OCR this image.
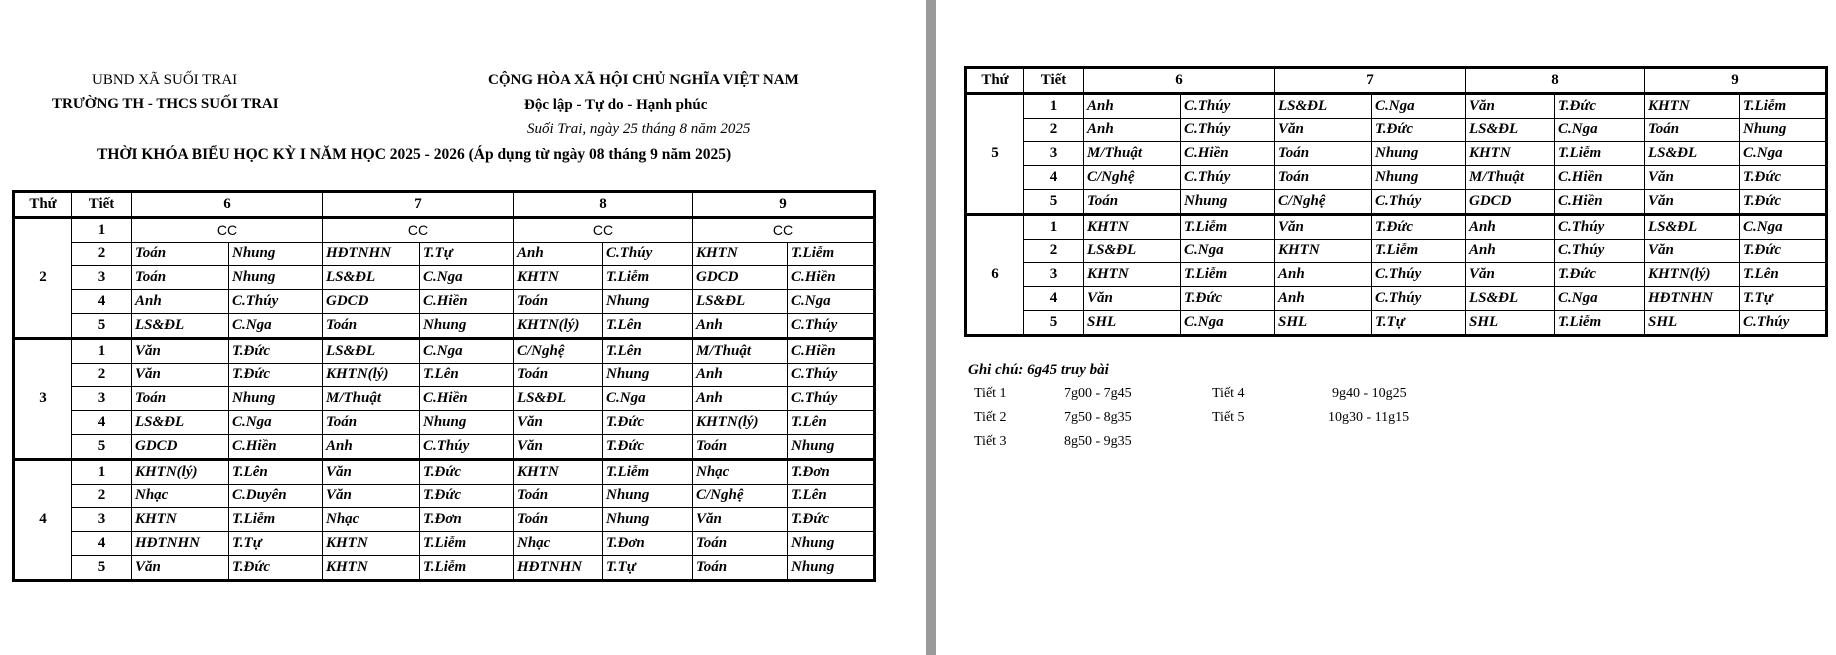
UBND XÃ SUỐI TRAI
TRƯỜNG TH - THCS SUỐI TRAI
CỘNG HÒA XÃ HỘI CHỦ NGHĨA VIỆT NAM
Độc lập - Tự do - Hạnh phúc
Suối Trai, ngày 25 tháng 8 năm 2025
THỜI KHÓA BIỂU HỌC KỲ I NĂM HỌC 2025 - 2026 (Áp dụng từ ngày 08 tháng 9 năm 2025)
Thứ	Tiết	6		7		8		9	
2	1	CC		CC		CC		CC	
	2	Toán	Nhung	HĐTNHN	T.Tự	Anh	C.Thúy	KHTN	T.Liễm
	3	Toán	Nhung	LS&ĐL	C.Nga	KHTN	T.Liễm	GDCD	C.Hiền
	4	Anh	C.Thúy	GDCD	C.Hiền	Toán	Nhung	LS&ĐL	C.Nga
	5	LS&ĐL	C.Nga	Toán	Nhung	KHTN(lý)	T.Lên	Anh	C.Thúy
3	1	Văn	T.Đức	LS&ĐL	C.Nga	C/Nghệ	T.Lên	M/Thuật	C.Hiền
	2	Văn	T.Đức	KHTN(lý)	T.Lên	Toán	Nhung	Anh	C.Thúy
	3	Toán	Nhung	M/Thuật	C.Hiền	LS&ĐL	C.Nga	Anh	C.Thúy
	4	LS&ĐL	C.Nga	Toán	Nhung	Văn	T.Đức	KHTN(lý)	T.Lên
	5	GDCD	C.Hiền	Anh	C.Thúy	Văn	T.Đức	Toán	Nhung
4	1	KHTN(lý)	T.Lên	Văn	T.Đức	KHTN	T.Liễm	Nhạc	T.Đơn
	2	Nhạc	C.Duyên	Văn	T.Đức	Toán	Nhung	C/Nghệ	T.Lên
	3	KHTN	T.Liễm	Nhạc	T.Đơn	Toán	Nhung	Văn	T.Đức
	4	HĐTNHN	T.Tự	KHTN	T.Liễm	Nhạc	T.Đơn	Toán	Nhung
	5	Văn	T.Đức	KHTN	T.Liễm	HĐTNHN	T.Tự	Toán	Nhung
Thứ	Tiết	6		7		8		9	
5	1	Anh	C.Thúy	LS&ĐL	C.Nga	Văn	T.Đức	KHTN	T.Liễm
	2	Anh	C.Thúy	Văn	T.Đức	LS&ĐL	C.Nga	Toán	Nhung
	3	M/Thuật	C.Hiền	Toán	Nhung	KHTN	T.Liễm	LS&ĐL	C.Nga
	4	C/Nghệ	C.Thúy	Toán	Nhung	M/Thuật	C.Hiền	Văn	T.Đức
	5	Toán	Nhung	C/Nghệ	C.Thúy	GDCD	C.Hiền	Văn	T.Đức
6	1	KHTN	T.Liễm	Văn	T.Đức	Anh	C.Thúy	LS&ĐL	C.Nga
	2	LS&ĐL	C.Nga	KHTN	T.Liễm	Anh	C.Thúy	Văn	T.Đức
	3	KHTN	T.Liễm	Anh	C.Thúy	Văn	T.Đức	KHTN(lý)	T.Lên
	4	Văn	T.Đức	Anh	C.Thúy	LS&ĐL	C.Nga	HĐTNHN	T.Tự
	5	SHL	C.Nga	SHL	T.Tự	SHL	T.Liễm	SHL	C.Thúy
Ghi chú: 6g45 truy bài
Tiết 1	7g00 - 7g45
Tiết 2	7g50 - 8g35
Tiết 3	8g50 - 9g35
Tiết 4	9g40 - 10g25
Tiết 5	10g30 - 11g15
